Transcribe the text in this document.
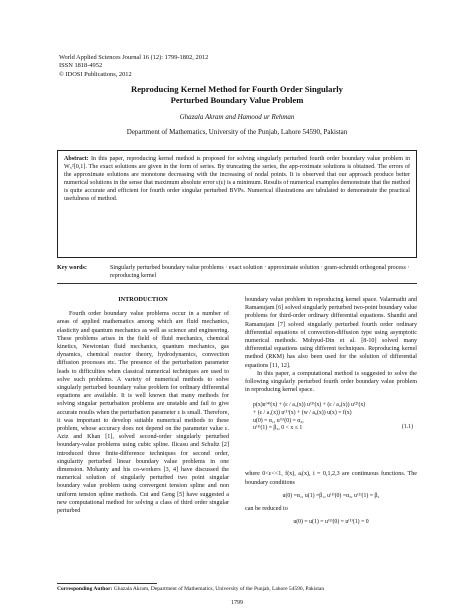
World Applied Sciences Journal 16 (12): 1799-1802, 2012
ISSN 1818-4952
© IDOSI Publications, 2012
Reproducing Kernel Method for Fourth Order Singularly
Perturbed Boundary Value Problem
Ghazala Akram and Hamood ur Rehman
Department of Mathematics, University of the Punjab, Lahore 54590, Pakistan
Abstract: In this paper, reproducing kernel method is proposed for solving singularly perturbed fourth order boundary value problem in W₅²[0,1]. The exact solutions are given in the form of series. By truncating the series, the app-roximate solutions is obtained. The errors of the approximate solutions are monotone decreasing with the increasing of nodal points. It is observed that our approach produce better numerical solutions in the sense that maximum absolute error ε(ε) is a minimum. Results of numerical examples demonstrate that the method is quite accurate and efficient for fourth order singular perturbed BVPs. Numerical illustrations are tabulated to demonstrate the practical usefulness of method.
Key words:	Singularly perturbed boundary value problems ‧ exact solution ‧ approximate solution ‧ gram-schmidt orthogonal process ‧ reproducing kernel

INTRODUCTION

Fourth order boundary value problems occur in a number of areas of applied mathematics among which are fluid mechanics, elasticity and quantum mechanics as well as science and engineering. These problems arises in the field of fluid mechanics, chemical kinetics, Newtonian fluid mechanics, quantum mechanics, gas dynamics, chemical reactor theory, hydrodynamics, convection diffusion processes etc. The presence of the perturbation parameter leads to difficulties when classical numerical techniques are used to solve such problems. A variety of numerical methods to solve singularly perturbed boundary value problem for ordinary differential equations are available. It is well known that many methods for solving singular perturbation problems are unstable and fail to give accurate results when the perturbation parameter ε is small. Therefore, it was important to develop suitable numerical methods to these problem, whose accuracy does not depend on the parameter value ε. Aziz and Khan [1], solved second-order singularly perturbed boundary-value problems using cubic spline. Ilicasu and Schultz [2] introduced three finite-difference techniques for second order, singularity perturbed linear boundary value problems in one dimension. Mohanty and his co-workers [3, 4] have discussed the numerical solution of singularly perturbed two point singular boundary value problem using convergent tension spline and non uniform tension spline methods. Cui and Geng [5] have suggested a new computational method for solving a class of third order singular perturbed

boundary value problem in reproducing kernel space. Valarmathi and Ramanujam [6] solved singularly perturbed two-point boundary value problems for third-order ordinary differential equations. Shanthi and Ramanujam [7] solved singularly perturbed fourth order ordinary differential equations of convection-diffusion type using asymptotic numerical methods. Mohyud-Din et al. [8-10] solved many differential equations using different techniques. Reproducing kernel method (RKM) has also been used for the solution of differential equations [11, 12].

In this paper, a computational method is suggested to solve the following singularly perturbed fourth order boundary value problem in reproducing kernel space.

p(x)u⁽⁴⁾(x) + (ε / a₃(x)) u⁽³⁾(x) + (ε / a₂(x)) u⁽²⁾(x)
+ (ε / a₁(x)) u⁽¹⁾(x) + (w / a₀(x)) u(x) = f(x)
u(0) = α₁, u⁽¹⁾(0) = α₂,
u⁽¹⁾(1) = β₂, 0 < x ≤ 1	(1.1)

where 0<ε<<1, f(x), aᵢ(x), i = 0,1,2,3 are continuous functions. The boundary conditions

u(0) =α₁, u(1) =β₁, u⁽¹⁾(0) =α₂, u⁽¹⁾(1) = β₂

can be reduced to

u(0) = u(1) = u⁽¹⁾(0) = u⁽¹⁾(1) = 0

Corresponding Author: Ghazala Akram, Department of Mathematics, University of the Punjab, Lahore 54590, Pakistan
1799
